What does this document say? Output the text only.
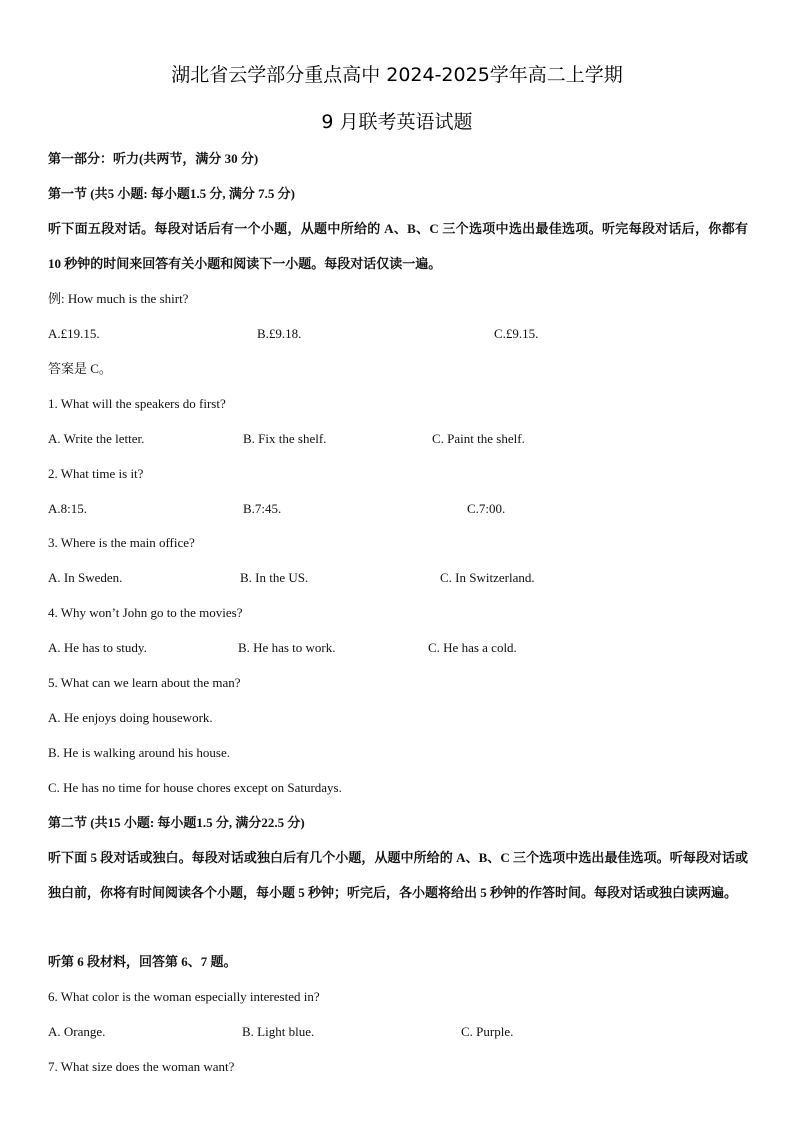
湖北省云学部分重点高中 2024-2025学年高二上学期
9 月联考英语试题
第一部分：听力(共两节，满分 30 分)
第一节 (共5 小题: 每小题1.5 分, 满分 7.5 分)
听下面五段对话。每段对话后有一个小题，从题中所给的 A、B、C 三个选项中选出最佳选项。听完每段对话后，你都有 10 秒钟的时间来回答有关小题和阅读下一小题。每段对话仅读一遍。
例: How much is the shirt?
A.£19.15.	B.£9.18.	C.£9.15.
答案是 C。
1. What will the speakers do first?
A. Write the letter.	B. Fix the shelf.	C. Paint the shelf.
2. What time is it?
A.8:15.	B.7:45.	C.7:00.
3. Where is the main office?
A. In Sweden.	B. In the US.	C. In Switzerland.
4. Why won’t John go to the movies?
A. He has to study.	B. He has to work.	C. He has a cold.
5. What can we learn about the man?
A. He enjoys doing housework.
B. He is walking around his house.
C. He has no time for house chores except on Saturdays.
第二节 (共15 小题: 每小题1.5 分, 满分22.5 分)
听下面 5 段对话或独白。每段对话或独白后有几个小题，从题中所给的 A、B、C 三个选项中选出最佳选项。听每段对话或独白前，你将有时间阅读各个小题，每小题 5 秒钟；听完后，各小题将给出 5 秒钟的作答时间。每段对话或独白读两遍。
听第 6 段材料，回答第 6、7 题。
6. What color is the woman especially interested in?
A. Orange.	B. Light blue.	C. Purple.
7. What size does the woman want?
